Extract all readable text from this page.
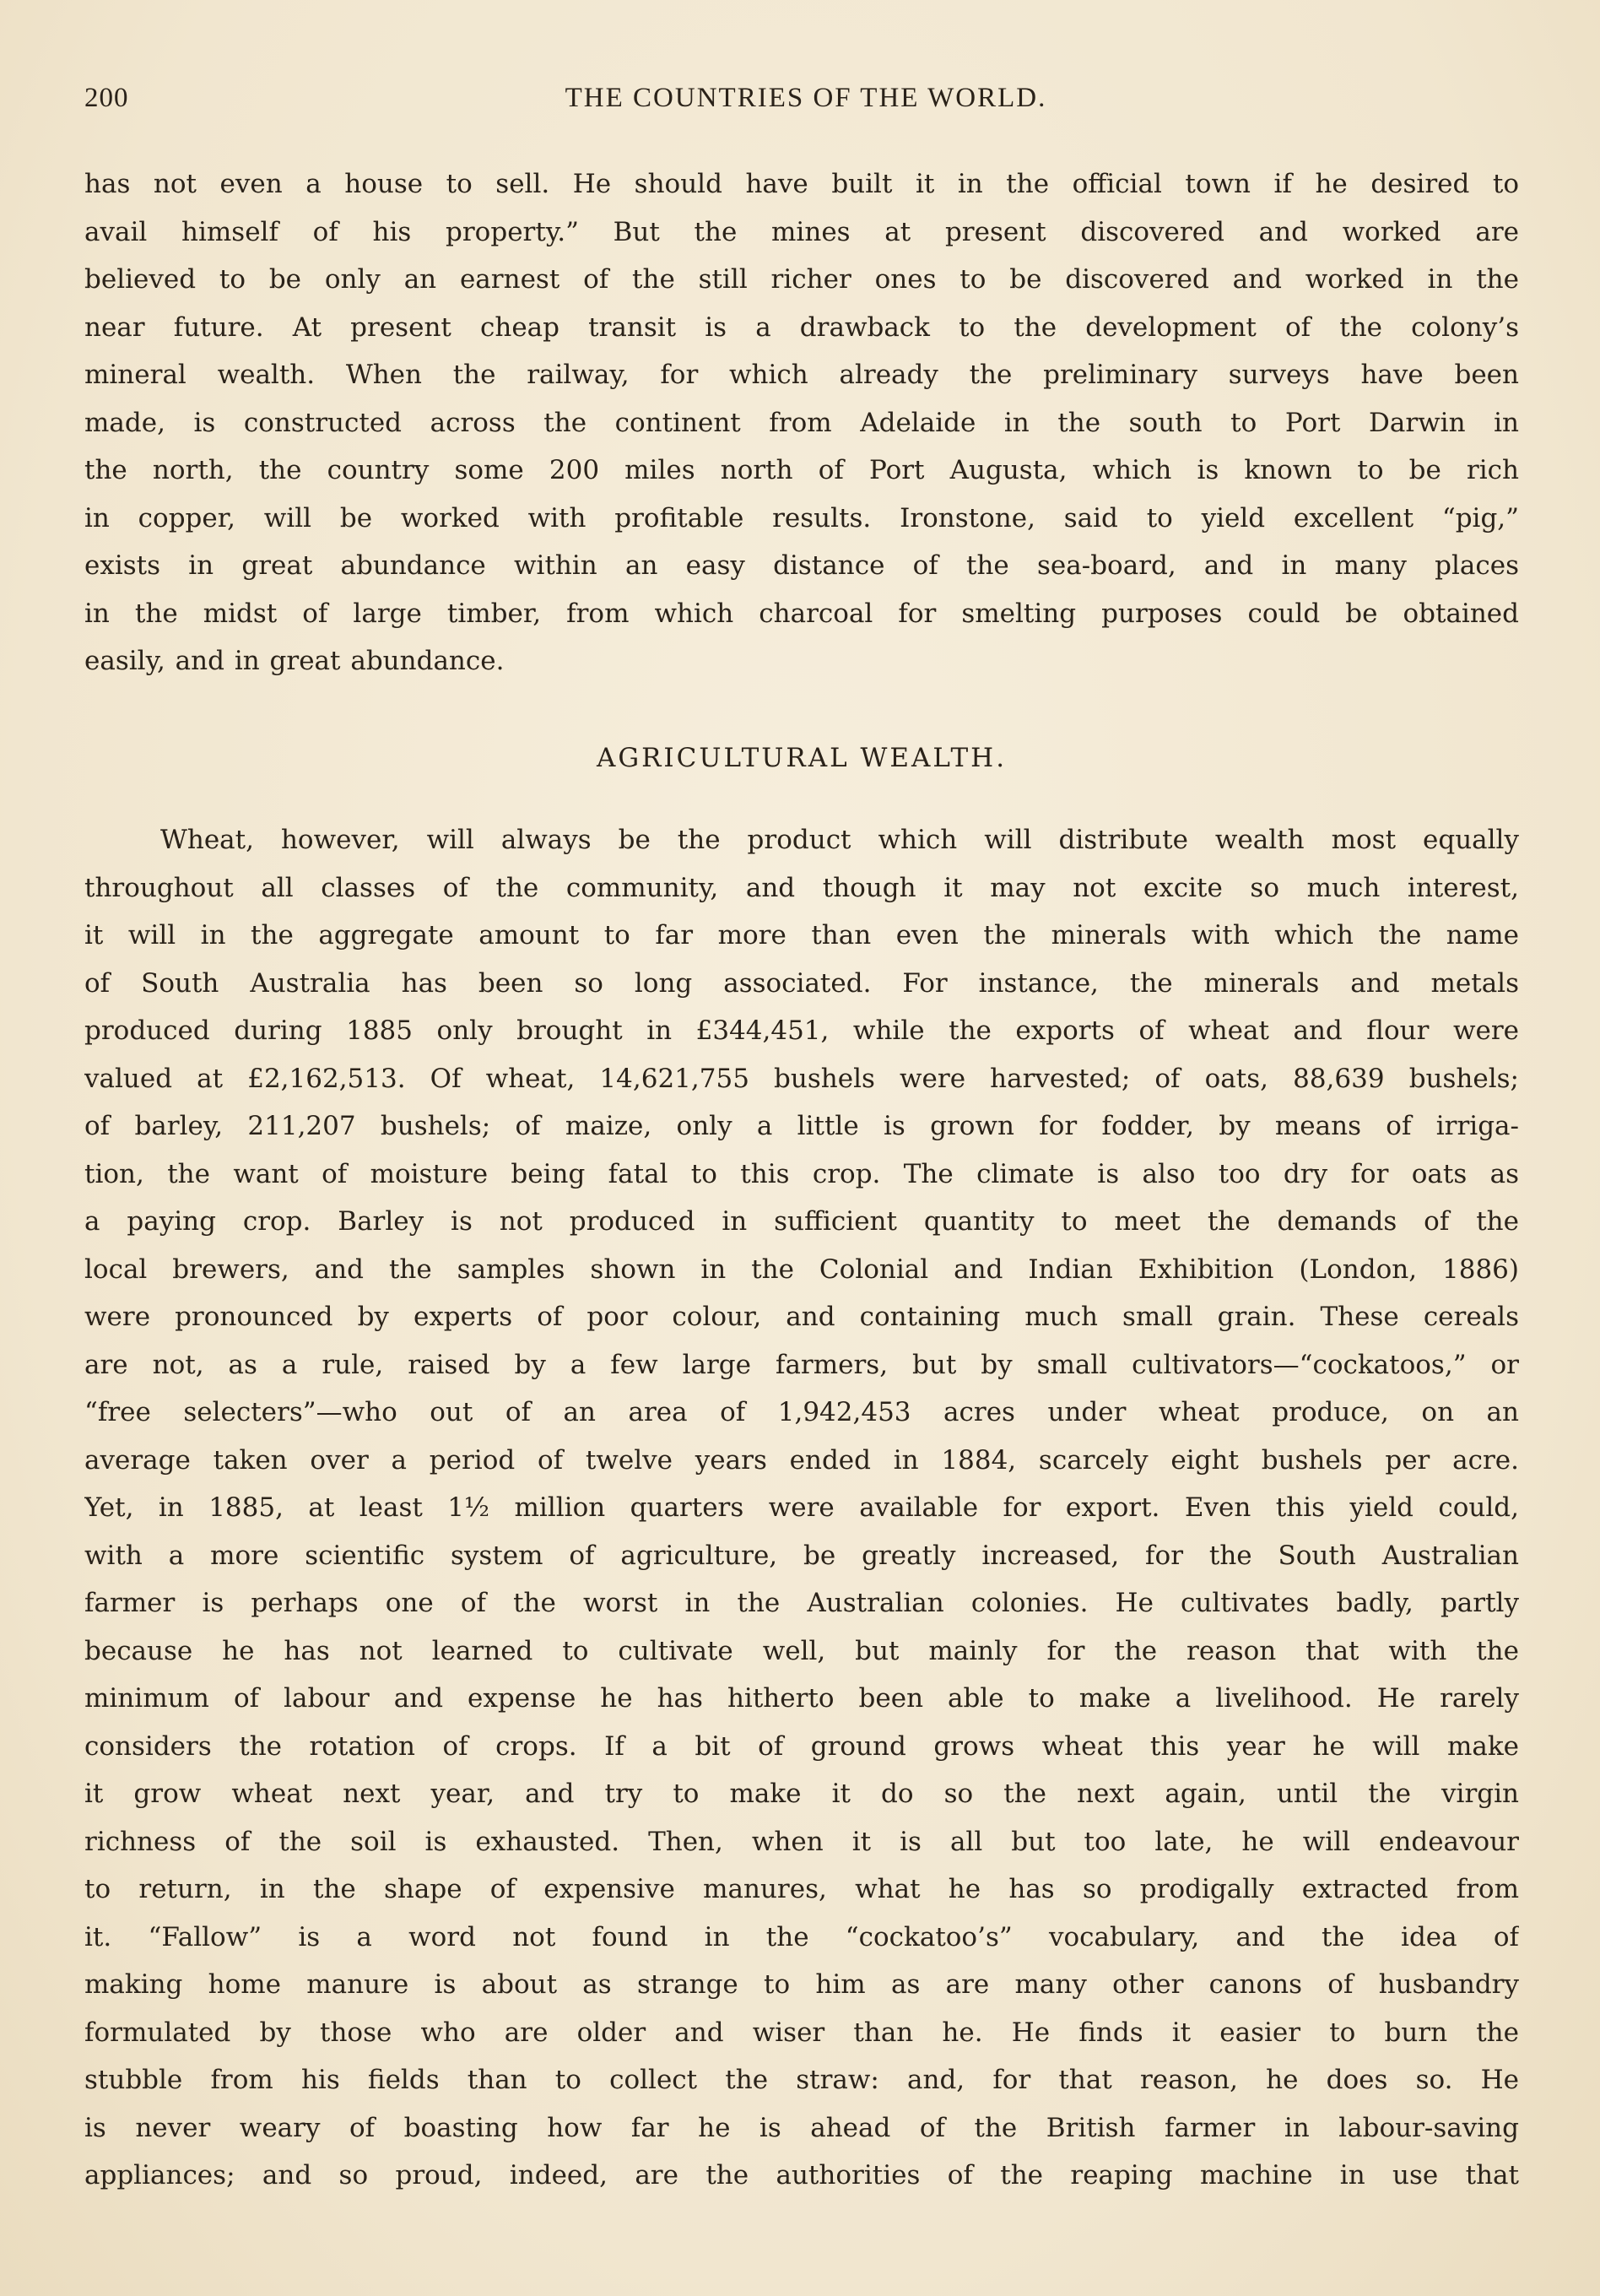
200	THE COUNTRIES OF THE WORLD.
has not even a house to sell. He should have built it in the official town if he desired to
avail himself of his property.” But the mines at present discovered and worked are
believed to be only an earnest of the still richer ones to be discovered and worked in the
near future. At present cheap transit is a drawback to the development of the colony’s
mineral wealth. When the railway, for which already the preliminary surveys have been
made, is constructed across the continent from Adelaide in the south to Port Darwin in
the north, the country some 200 miles north of Port Augusta, which is known to be rich
in copper, will be worked with profitable results. Ironstone, said to yield excellent “pig,”
exists in great abundance within an easy distance of the sea-board, and in many places
in the midst of large timber, from which charcoal for smelting purposes could be obtained
easily, and in great abundance.
AGRICULTURAL WEALTH.
Wheat, however, will always be the product which will distribute wealth most equally
throughout all classes of the community, and though it may not excite so much interest,
it will in the aggregate amount to far more than even the minerals with which the name
of South Australia has been so long associated. For instance, the minerals and metals
produced during 1885 only brought in £344,451, while the exports of wheat and flour were
valued at £2,162,513. Of wheat, 14,621,755 bushels were harvested; of oats, 88,639 bushels;
of barley, 211,207 bushels; of maize, only a little is grown for fodder, by means of irriga-
tion, the want of moisture being fatal to this crop. The climate is also too dry for oats as
a paying crop. Barley is not produced in sufficient quantity to meet the demands of the
local brewers, and the samples shown in the Colonial and Indian Exhibition (London, 1886)
were pronounced by experts of poor colour, and containing much small grain. These cereals
are not, as a rule, raised by a few large farmers, but by small cultivators—“cockatoos,” or
“free selecters”—who out of an area of 1,942,453 acres under wheat produce, on an
average taken over a period of twelve years ended in 1884, scarcely eight bushels per acre.
Yet, in 1885, at least 1½ million quarters were available for export. Even this yield could,
with a more scientific system of agriculture, be greatly increased, for the South Australian
farmer is perhaps one of the worst in the Australian colonies. He cultivates badly, partly
because he has not learned to cultivate well, but mainly for the reason that with the
minimum of labour and expense he has hitherto been able to make a livelihood. He rarely
considers the rotation of crops. If a bit of ground grows wheat this year he will make
it grow wheat next year, and try to make it do so the next again, until the virgin
richness of the soil is exhausted. Then, when it is all but too late, he will endeavour
to return, in the shape of expensive manures, what he has so prodigally extracted from
it. “Fallow” is a word not found in the “cockatoo’s” vocabulary, and the idea of
making home manure is about as strange to him as are many other canons of husbandry
formulated by those who are older and wiser than he. He finds it easier to burn the
stubble from his fields than to collect the straw: and, for that reason, he does so. He
is never weary of boasting how far he is ahead of the British farmer in labour-saving
appliances; and so proud, indeed, are the authorities of the reaping machine in use that
